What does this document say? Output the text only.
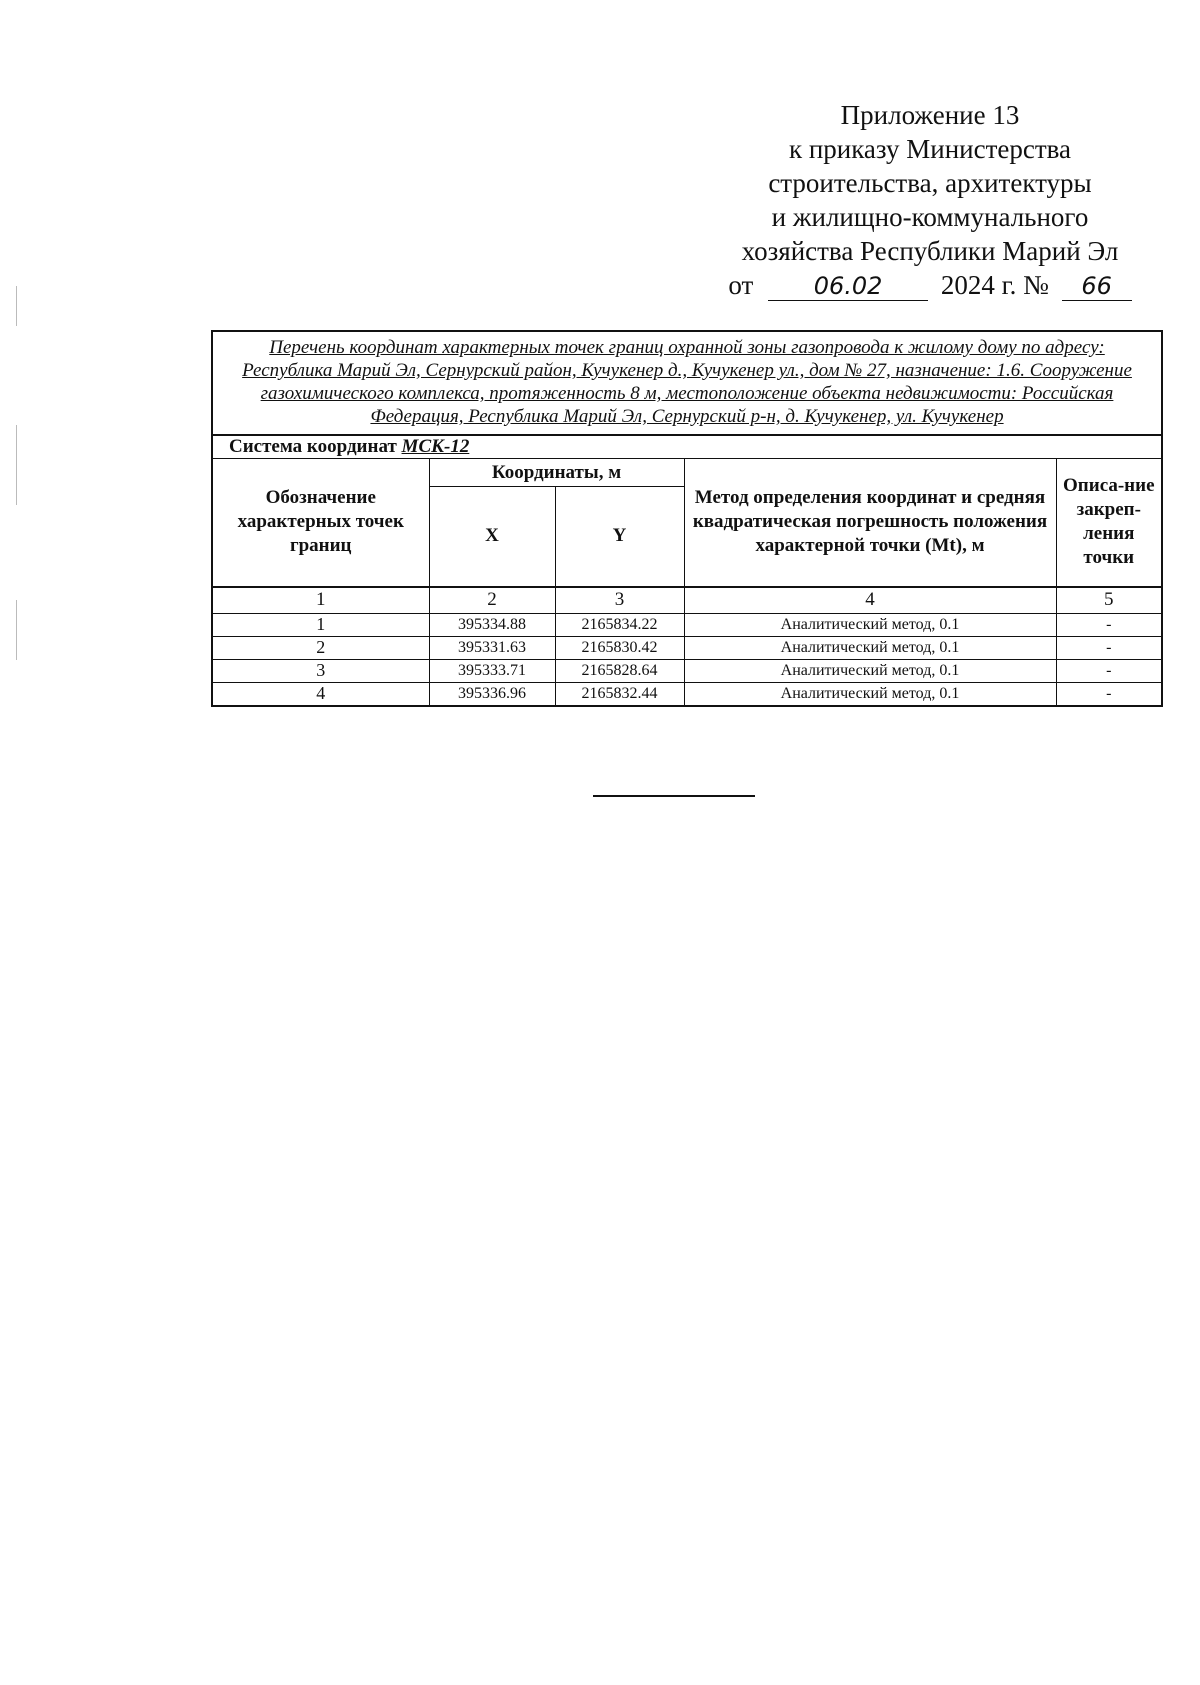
Приложение 13
к приказу Министерства
строительства, архитектуры
и жилищно-коммунального
хозяйства Республики Марий Эл
от	06.02 2024 г. № 66
Перечень координат характерных точек границ охранной зоны газопровода к жилому дому по адресу: Республика Марий Эл, Сернурский район, Кучукенер д., Кучукенер ул., дом № 27, назначение: 1.6. Сооружение газохимического комплекса, протяженность 8 м, местоположение объекта недвижимости: Российская Федерация, Республика Марий Эл, Сернурский р-н, д. Кучукенер, ул. Кучукенер				
Система координат МСК-12				
Обозначение характерных точек границ	Координаты, м		Метод определения координат и средняя квадратическая погрешность положения характерной точки (Mt), м	Описа-ние закреп-ления точки
	X	Y		
1	2	3	4	5
1	395334.88	2165834.22	Аналитический метод, 0.1	-
2	395331.63	2165830.42	Аналитический метод, 0.1	-
3	395333.71	2165828.64	Аналитический метод, 0.1	-
4	395336.96	2165832.44	Аналитический метод, 0.1	-
